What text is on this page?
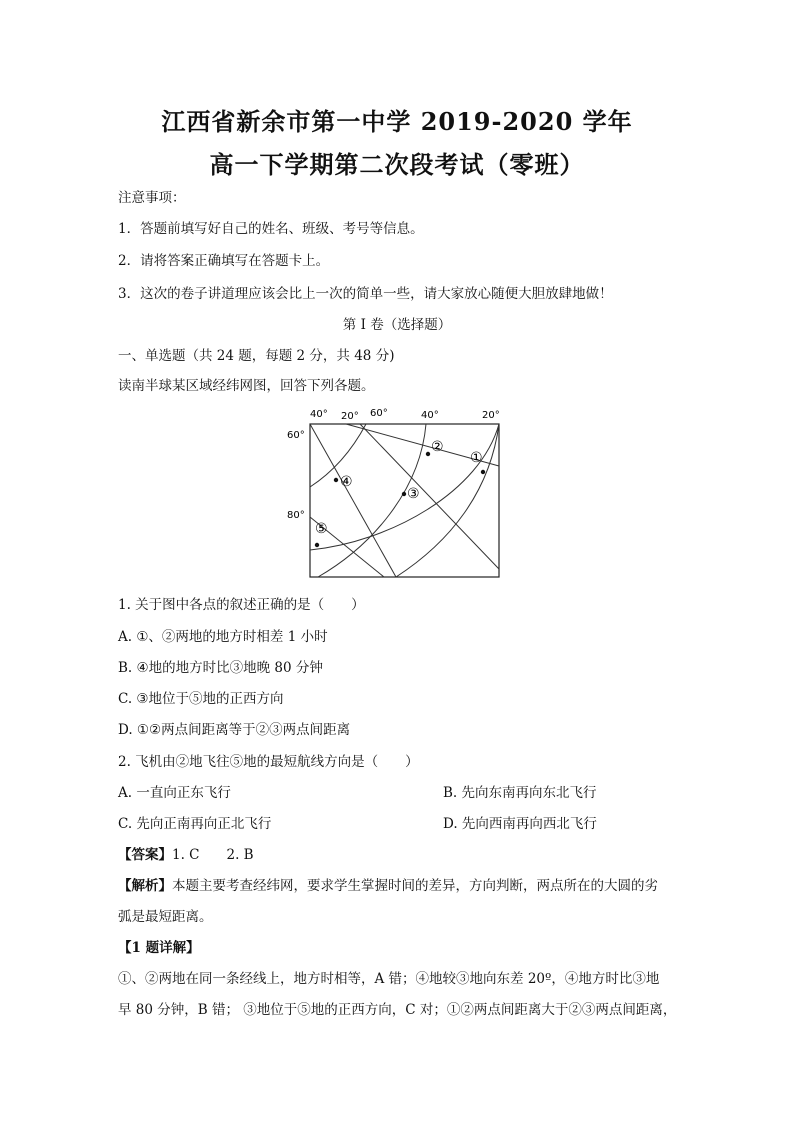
江西省新余市第一中学 2019-2020 学年
高一下学期第二次段考试（零班）
注意事项：
1．答题前填写好自己的姓名、班级、考号等信息。
2．请将答案正确填写在答题卡上。
3．这次的卷子讲道理应该会比上一次的简单一些，请大家放心随便大胆放肆地做！
第 I 卷（选择题）
一、单选题（共 24 题，每题 2 分，共 48 分)
读南半球某区域经纬网图，回答下列各题。
①
②
③
④
⑤
40° 20° 60°	40°	20°
60°
80°
1. 关于图中各点的叙述正确的是（　　）
A. ①、②两地的地方时相差 1 小时
B. ④地的地方时比③地晚 80 分钟
C. ③地位于⑤地的正西方向
D. ①②两点间距离等于②③两点间距离
2. 飞机由②地飞往⑤地的最短航线方向是（　　）
A. 一直向正东飞行	B. 先向东南再向东北飞行
C. 先向正南再向正北飞行	D. 先向西南再向西北飞行
【答案】1. C　　2. B
【解析】本题主要考查经纬网，要求学生掌握时间的差异，方向判断，两点所在的大圆的劣
弧是最短距离。
【1 题详解】
①、②两地在同一条经线上，地方时相等，A 错；④地较③地向东差 20º，④地方时比③地
早 80 分钟，B 错； ③地位于⑤地的正西方向，C 对；①②两点间距离大于②③两点间距离，
